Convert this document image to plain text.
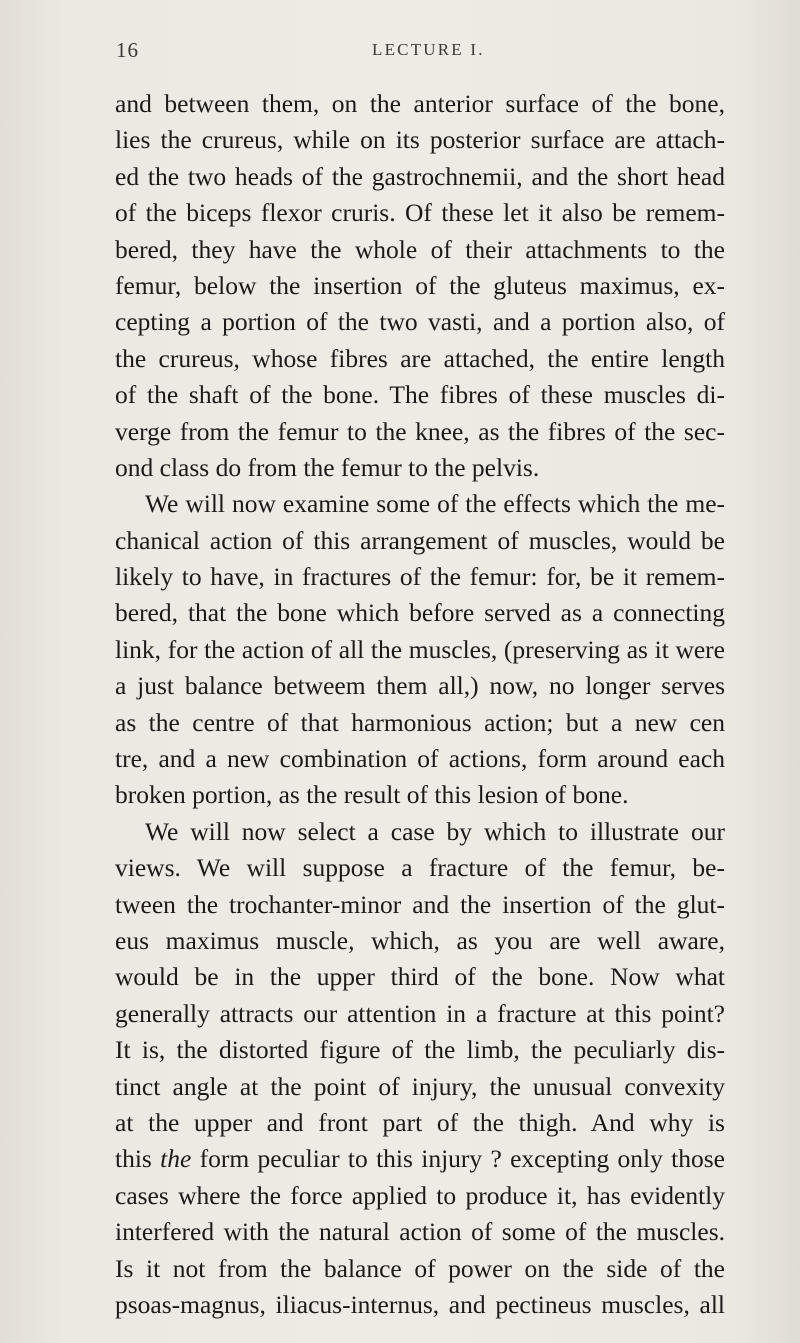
16	LECTURE I.
and between them, on the anterior surface of the bone,
lies the crureus, while on its posterior surface are attach-
ed the two heads of the gastrochnemii, and the short head
of the biceps flexor cruris. Of these let it also be remem-
bered, they have the whole of their attachments to the
femur, below the insertion of the gluteus maximus, ex-
cepting a portion of the two vasti, and a portion also, of
the crureus, whose fibres are attached, the entire length
of the shaft of the bone. The fibres of these muscles di-
verge from the femur to the knee, as the fibres of the sec-
ond class do from the femur to the pelvis.
We will now examine some of the effects which the me-
chanical action of this arrangement of muscles, would be
likely to have, in fractures of the femur: for, be it remem-
bered, that the bone which before served as a connecting
link, for the action of all the muscles, (preserving as it were
a just balance betweem them all,) now, no longer serves
as the centre of that harmonious action; but a new cen
tre, and a new combination of actions, form around each
broken portion, as the result of this lesion of bone.
We will now select a case by which to illustrate our
views. We will suppose a fracture of the femur, be-
tween the trochanter-minor and the insertion of the glut-
eus maximus muscle, which, as you are well aware,
would be in the upper third of the bone. Now what
generally attracts our attention in a fracture at this point?
It is, the distorted figure of the limb, the peculiarly dis-
tinct angle at the point of injury, the unusual convexity
at the upper and front part of the thigh. And why is
this the form peculiar to this injury ? excepting only those
cases where the force applied to produce it, has evidently
interfered with the natural action of some of the muscles.
Is it not from the balance of power on the side of the
psoas-magnus, iliacus-internus, and pectineus muscles, all
